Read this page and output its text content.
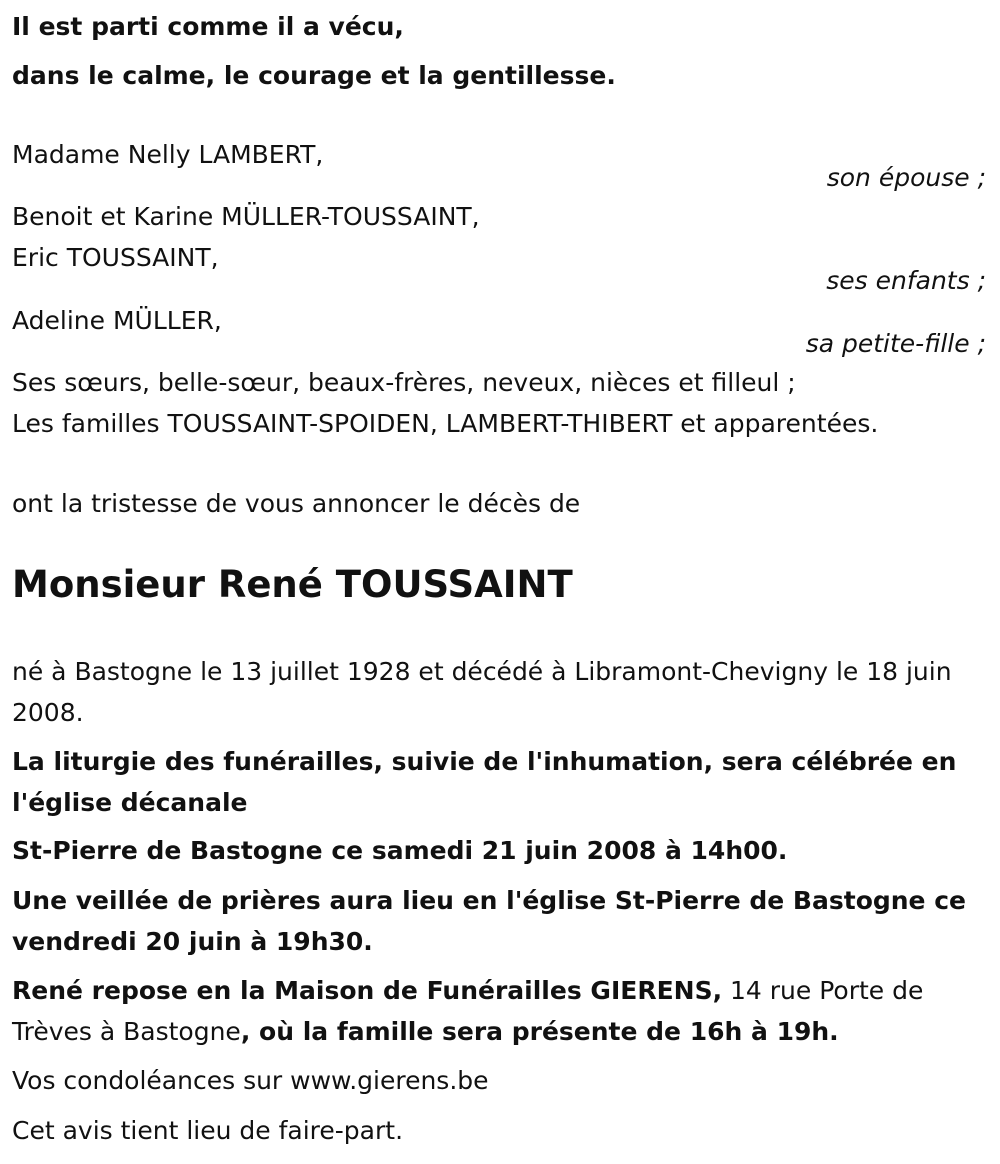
Il est parti comme il a vécu,

dans le calme, le courage et la gentillesse.

Madame Nelly LAMBERT,

son épouse ;

Benoit et Karine MÜLLER-TOUSSAINT,

Eric TOUSSAINT,

ses enfants ;

Adeline MÜLLER,

sa petite-fille ;

Ses sœurs, belle-sœur, beaux-frères, neveux, nièces et filleul ;

Les familles TOUSSAINT-SPOIDEN, LAMBERT-THIBERT et apparentées.

ont la tristesse de vous annoncer le décès de

Monsieur René TOUSSAINT

né à Bastogne le 13 juillet 1928 et décédé à Libramont-Chevigny le 18 juin 2008.

La liturgie des funérailles, suivie de l'inhumation, sera célébrée en l'église décanale

St-Pierre de Bastogne ce samedi 21 juin 2008 à 14h00.

Une veillée de prières aura lieu en l'église St-Pierre de Bastogne ce vendredi 20 juin à 19h30.

René repose en la Maison de Funérailles GIERENS, 14 rue Porte de Trèves à Bastogne, où la famille sera présente de 16h à 19h.

Vos condoléances sur www.gierens.be

Cet avis tient lieu de faire-part.
